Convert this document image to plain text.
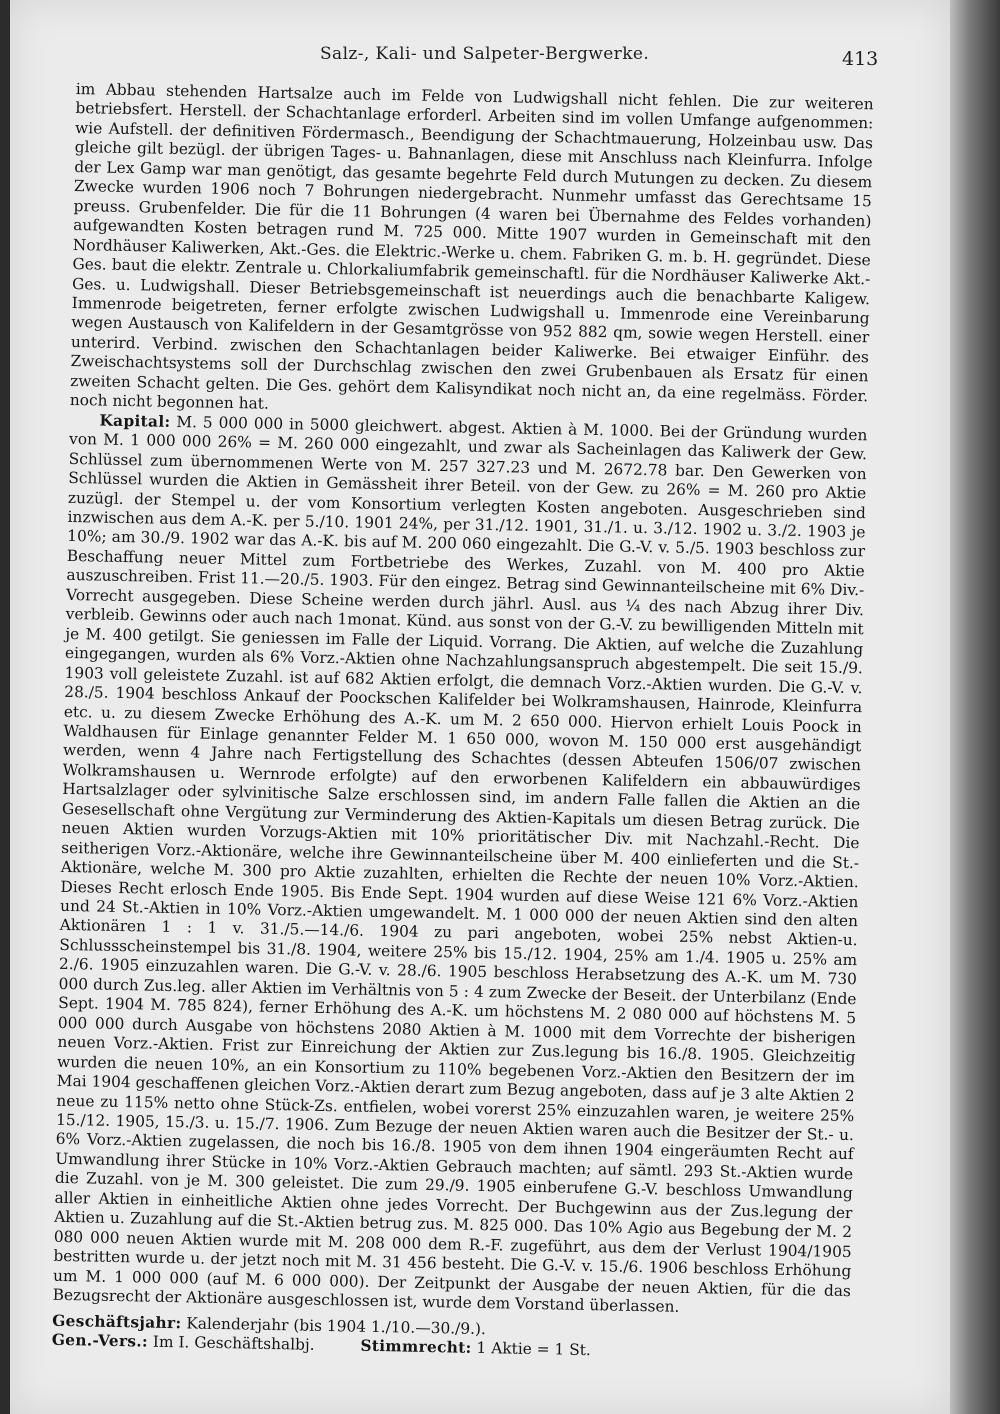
Salz-, Kali- und Salpeter-Bergwerke.	413

im Abbau stehenden Hartsalze auch im Felde von Ludwigshall nicht fehlen. Die zur weiteren betriebsfert. Herstell. der Schachtanlage erforderl. Arbeiten sind im vollen Umfange aufgenommen: wie Aufstell. der definitiven Fördermasch., Beendigung der Schachtmauerung, Holzeinbau usw. Das gleiche gilt bezügl. der übrigen Tages- u. Bahnanlagen, diese mit Anschluss nach Kleinfurra. Infolge der Lex Gamp war man genötigt, das gesamte begehrte Feld durch Mutungen zu decken. Zu diesem Zwecke wurden 1906 noch 7 Bohrungen niedergebracht. Nunmehr umfasst das Gerechtsame 15 preuss. Grubenfelder. Die für die 11 Bohrungen (4 waren bei Übernahme des Feldes vorhanden) aufgewandten Kosten betragen rund M. 725 000. Mitte 1907 wurden in Gemeinschaft mit den Nordhäuser Kaliwerken, Akt.-Ges. die Elektric.-Werke u. chem. Fabriken G. m. b. H. gegründet. Diese Ges. baut die elektr. Zentrale u. Chlorkaliumfabrik gemeinschaftl. für die Nordhäuser Kaliwerke Akt.-Ges. u. Ludwigshall. Dieser Betriebsgemeinschaft ist neuerdings auch die benachbarte Kaligew. Immenrode beigetreten, ferner erfolgte zwischen Ludwigshall u. Immenrode eine Vereinbarung wegen Austausch von Kalifeldern in der Gesamtgrösse von 952 882 qm, sowie wegen Herstell. einer unterird. Verbind. zwischen den Schachtanlagen beider Kaliwerke. Bei etwaiger Einführ. des Zweischachtsystems soll der Durchschlag zwischen den zwei Grubenbauen als Ersatz für einen zweiten Schacht gelten. Die Ges. gehört dem Kalisyndikat noch nicht an, da eine regelmäss. Förder. noch nicht begonnen hat.

Kapital: M. 5 000 000 in 5000 gleichwert. abgest. Aktien à M. 1000. Bei der Gründung wurden von M. 1 000 000 26% = M. 260 000 eingezahlt, und zwar als Sacheinlagen das Kaliwerk der Gew. Schlüssel zum übernommenen Werte von M. 257 327.23 und M. 2672.78 bar. Den Gewerken von Schlüssel wurden die Aktien in Gemässheit ihrer Beteil. von der Gew. zu 26% = M. 260 pro Aktie zuzügl. der Stempel u. der vom Konsortium verlegten Kosten angeboten. Ausgeschrieben sind inzwischen aus dem A.-K. per 5./10. 1901 24%, per 31./12. 1901, 31./1. u. 3./12. 1902 u. 3./2. 1903 je 10%; am 30./9. 1902 war das A.-K. bis auf M. 200 060 eingezahlt. Die G.-V. v. 5./5. 1903 beschloss zur Beschaffung neuer Mittel zum Fortbetriebe des Werkes, Zuzahl. von M. 400 pro Aktie auszuschreiben. Frist 11.—20./5. 1903. Für den eingez. Betrag sind Gewinnanteilscheine mit 6% Div.-Vorrecht ausgegeben. Diese Scheine werden durch jährl. Ausl. aus ¼ des nach Abzug ihrer Div. verbleib. Gewinns oder auch nach 1monat. Künd. aus sonst von der G.-V. zu bewilligenden Mitteln mit je M. 400 getilgt. Sie geniessen im Falle der Liquid. Vorrang. Die Aktien, auf welche die Zuzahlung eingegangen, wurden als 6% Vorz.-Aktien ohne Nachzahlungsanspruch abgestempelt. Die seit 15./9. 1903 voll geleistete Zuzahl. ist auf 682 Aktien erfolgt, die demnach Vorz.-Aktien wurden. Die G.-V. v. 28./5. 1904 beschloss Ankauf der Poockschen Kalifelder bei Wolkramshausen, Hainrode, Kleinfurra etc. u. zu diesem Zwecke Erhöhung des A.-K. um M. 2 650 000. Hiervon erhielt Louis Poock in Waldhausen für Einlage genannter Felder M. 1 650 000, wovon M. 150 000 erst ausgehändigt werden, wenn 4 Jahre nach Fertigstellung des Schachtes (dessen Abteufen 1506/07 zwischen Wolkramshausen u. Wernrode erfolgte) auf den erworbenen Kalifeldern ein abbauwürdiges Hartsalzlager oder sylvinitische Salze erschlossen sind, im andern Falle fallen die Aktien an die Gesesellschaft ohne Vergütung zur Verminderung des Aktien-Kapitals um diesen Betrag zurück. Die neuen Aktien wurden Vorzugs-Aktien mit 10% prioritätischer Div. mit Nachzahl.-Recht. Die seitherigen Vorz.-Aktionäre, welche ihre Gewinnanteilscheine über M. 400 einlieferten und die St.-Aktionäre, welche M. 300 pro Aktie zuzahlten, erhielten die Rechte der neuen 10% Vorz.-Aktien. Dieses Recht erlosch Ende 1905. Bis Ende Sept. 1904 wurden auf diese Weise 121 6% Vorz.-Aktien und 24 St.-Aktien in 10% Vorz.-Aktien umgewandelt. M. 1 000 000 der neuen Aktien sind den alten Aktionären 1 : 1 v. 31./5.—14./6. 1904 zu pari angeboten, wobei 25% nebst Aktien-u. Schlussscheinstempel bis 31./8. 1904, weitere 25% bis 15./12. 1904, 25% am 1./4. 1905 u. 25% am 2./6. 1905 einzuzahlen waren. Die G.-V. v. 28./6. 1905 beschloss Herabsetzung des A.-K. um M. 730 000 durch Zus.leg. aller Aktien im Verhältnis von 5 : 4 zum Zwecke der Beseit. der Unterbilanz (Ende Sept. 1904 M. 785 824), ferner Erhöhung des A.-K. um höchstens M. 2 080 000 auf höchstens M. 5 000 000 durch Ausgabe von höchstens 2080 Aktien à M. 1000 mit dem Vorrechte der bisherigen neuen Vorz.-Aktien. Frist zur Einreichung der Aktien zur Zus.legung bis 16./8. 1905. Gleichzeitig wurden die neuen 10%, an ein Konsortium zu 110% begebenen Vorz.-Aktien den Besitzern der im Mai 1904 geschaffenen gleichen Vorz.-Aktien derart zum Bezug angeboten, dass auf je 3 alte Aktien 2 neue zu 115% netto ohne Stück-Zs. entfielen, wobei vorerst 25% einzuzahlen waren, je weitere 25% 15./12. 1905, 15./3. u. 15./7. 1906. Zum Bezuge der neuen Aktien waren auch die Besitzer der St.- u. 6% Vorz.-Aktien zugelassen, die noch bis 16./8. 1905 von dem ihnen 1904 eingeräumten Recht auf Umwandlung ihrer Stücke in 10% Vorz.-Aktien Gebrauch machten; auf sämtl. 293 St.-Aktien wurde die Zuzahl. von je M. 300 geleistet. Die zum 29./9. 1905 einberufene G.-V. beschloss Umwandlung aller Aktien in einheitliche Aktien ohne jedes Vorrecht. Der Buchgewinn aus der Zus.legung der Aktien u. Zuzahlung auf die St.-Aktien betrug zus. M. 825 000. Das 10% Agio aus Begebung der M. 2 080 000 neuen Aktien wurde mit M. 208 000 dem R.-F. zugeführt, aus dem der Verlust 1904/1905 bestritten wurde u. der jetzt noch mit M. 31 456 besteht. Die G.-V. v. 15./6. 1906 beschloss Erhöhung um M. 1 000 000 (auf M. 6 000 000). Der Zeitpunkt der Ausgabe der neuen Aktien, für die das Bezugsrecht der Aktionäre ausgeschlossen ist, wurde dem Vorstand überlassen.

Geschäftsjahr: Kalenderjahr (bis 1904 1./10.—30./9.).
Gen.-Vers.: Im I. Geschäftshalbj.	Stimmrecht: 1 Aktie = 1 St.
